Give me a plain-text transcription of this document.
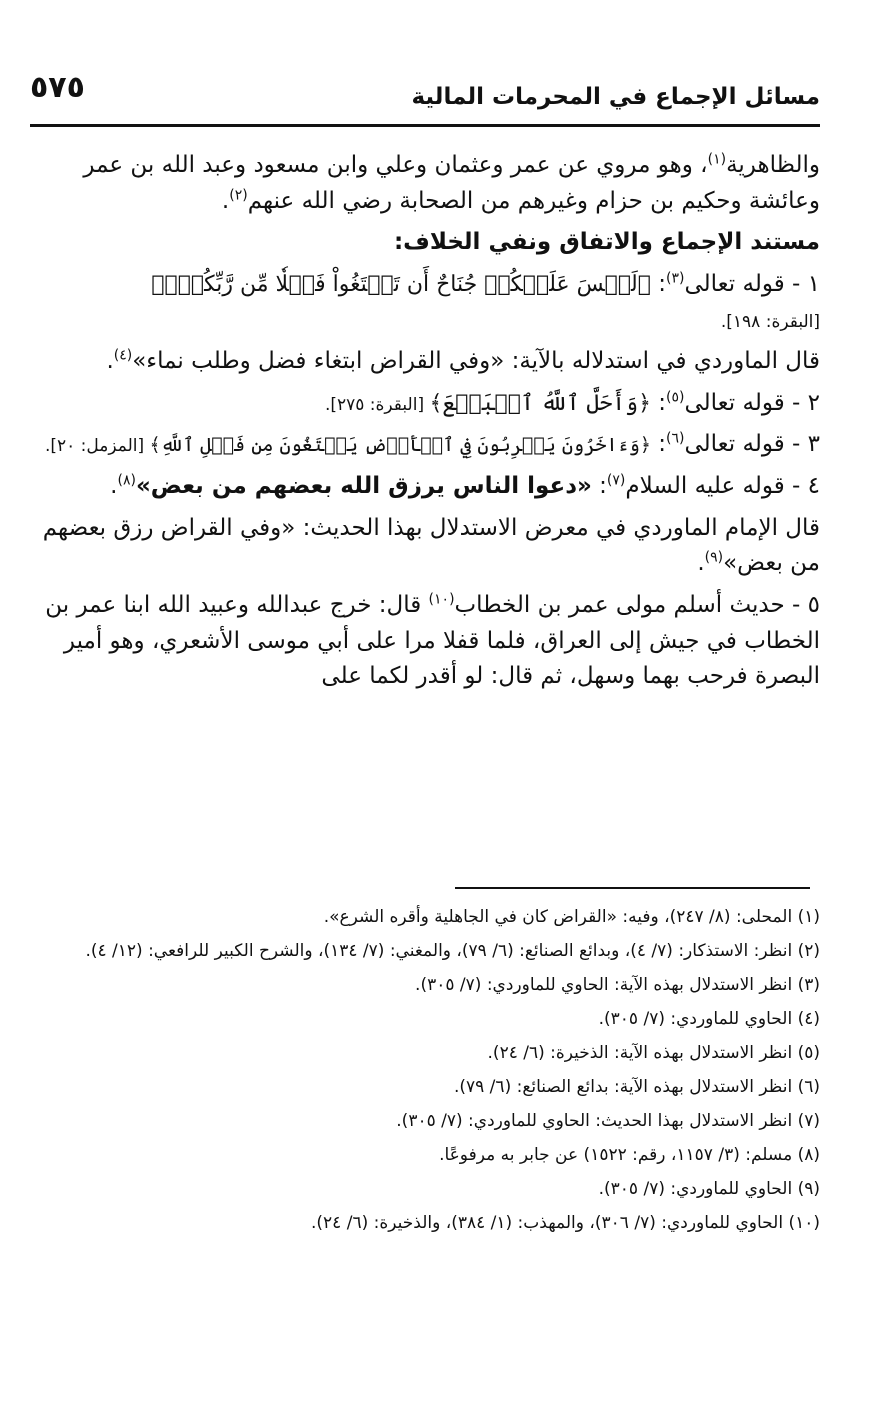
٥٧٥	مسائل الإجماع في المحرمات المالية

والظاهرية$^{(١)}$، وهو مروي عن عمر وعثمان وعلي وابن مسعود وعبد الله بن عمر وعائشة وحكيم بن حزام وغيرهم من الصحابة رضي الله عنهم$^{(٢)}$.

مستند الإجماع والاتفاق ونفي الخلاف:

١ - قوله تعالى$^{(٣)}$: ﴿لَيۡسَ عَلَيۡكُمۡ جُنَاحٌ أَن تَبۡتَغُواْ فَضۡلٗا مِّن رَّبِّكُمۡۚ﴾
[البقرة: ١٩٨].

قال الماوردي في استدلاله بالآية: «وفي القراض ابتغاء فضل وطلب نماء»$^{(٤)}$.

٢ - قوله تعالى$^{(٥)}$: ﴿وَأَحَلَّ ٱللَّهُ ٱلۡبَيۡعَ﴾ [البقرة: ٢٧٥].

٣ - قوله تعالى$^{(٦)}$: ﴿وَءَاخَرُونَ يَضۡرِبُونَ فِي ٱلۡأَرۡضِ يَبۡتَغُونَ مِن فَضۡلِ ٱللَّهِ﴾ [المزمل: ٢٠].

٤ - قوله عليه السلام$^{(٧)}$: «دعوا الناس يرزق الله بعضهم من بعض»$^{(٨)}$.

قال الإمام الماوردي في معرض الاستدلال بهذا الحديث: «وفي القراض رزق بعضهم من بعض»$^{(٩)}$.

٥ - حديث أسلم مولى عمر بن الخطاب$^{(١٠)}$ قال: خرج عبدالله وعبيد الله ابنا عمر بن الخطاب في جيش إلى العراق، فلما قفلا مرا على أبي موسى الأشعري، وهو أمير البصرة فرحب بهما وسهل، ثم قال: لو أقدر لكما على

(١) المحلى: (٨/ ٢٤٧)، وفيه: «القراض كان في الجاهلية وأقره الشرع».

(٢) انظر: الاستذكار: (٧/ ٤)، وبدائع الصنائع: (٦/ ٧٩)، والمغني: (٧/ ١٣٤)، والشرح الكبير للرافعي: (١٢/ ٤).

(٣) انظر الاستدلال بهذه الآية: الحاوي للماوردي: (٧/ ٣٠٥).

(٤) الحاوي للماوردي: (٧/ ٣٠٥).

(٥) انظر الاستدلال بهذه الآية: الذخيرة: (٦/ ٢٤).

(٦) انظر الاستدلال بهذه الآية: بدائع الصنائع: (٦/ ٧٩).

(٧) انظر الاستدلال بهذا الحديث: الحاوي للماوردي: (٧/ ٣٠٥).

(٨) مسلم: (٣/ ١١٥٧، رقم: ١٥٢٢) عن جابر به مرفوعًا.

(٩) الحاوي للماوردي: (٧/ ٣٠٥).

(١٠) الحاوي للماوردي: (٧/ ٣٠٦)، والمهذب: (١/ ٣٨٤)، والذخيرة: (٦/ ٢٤).
